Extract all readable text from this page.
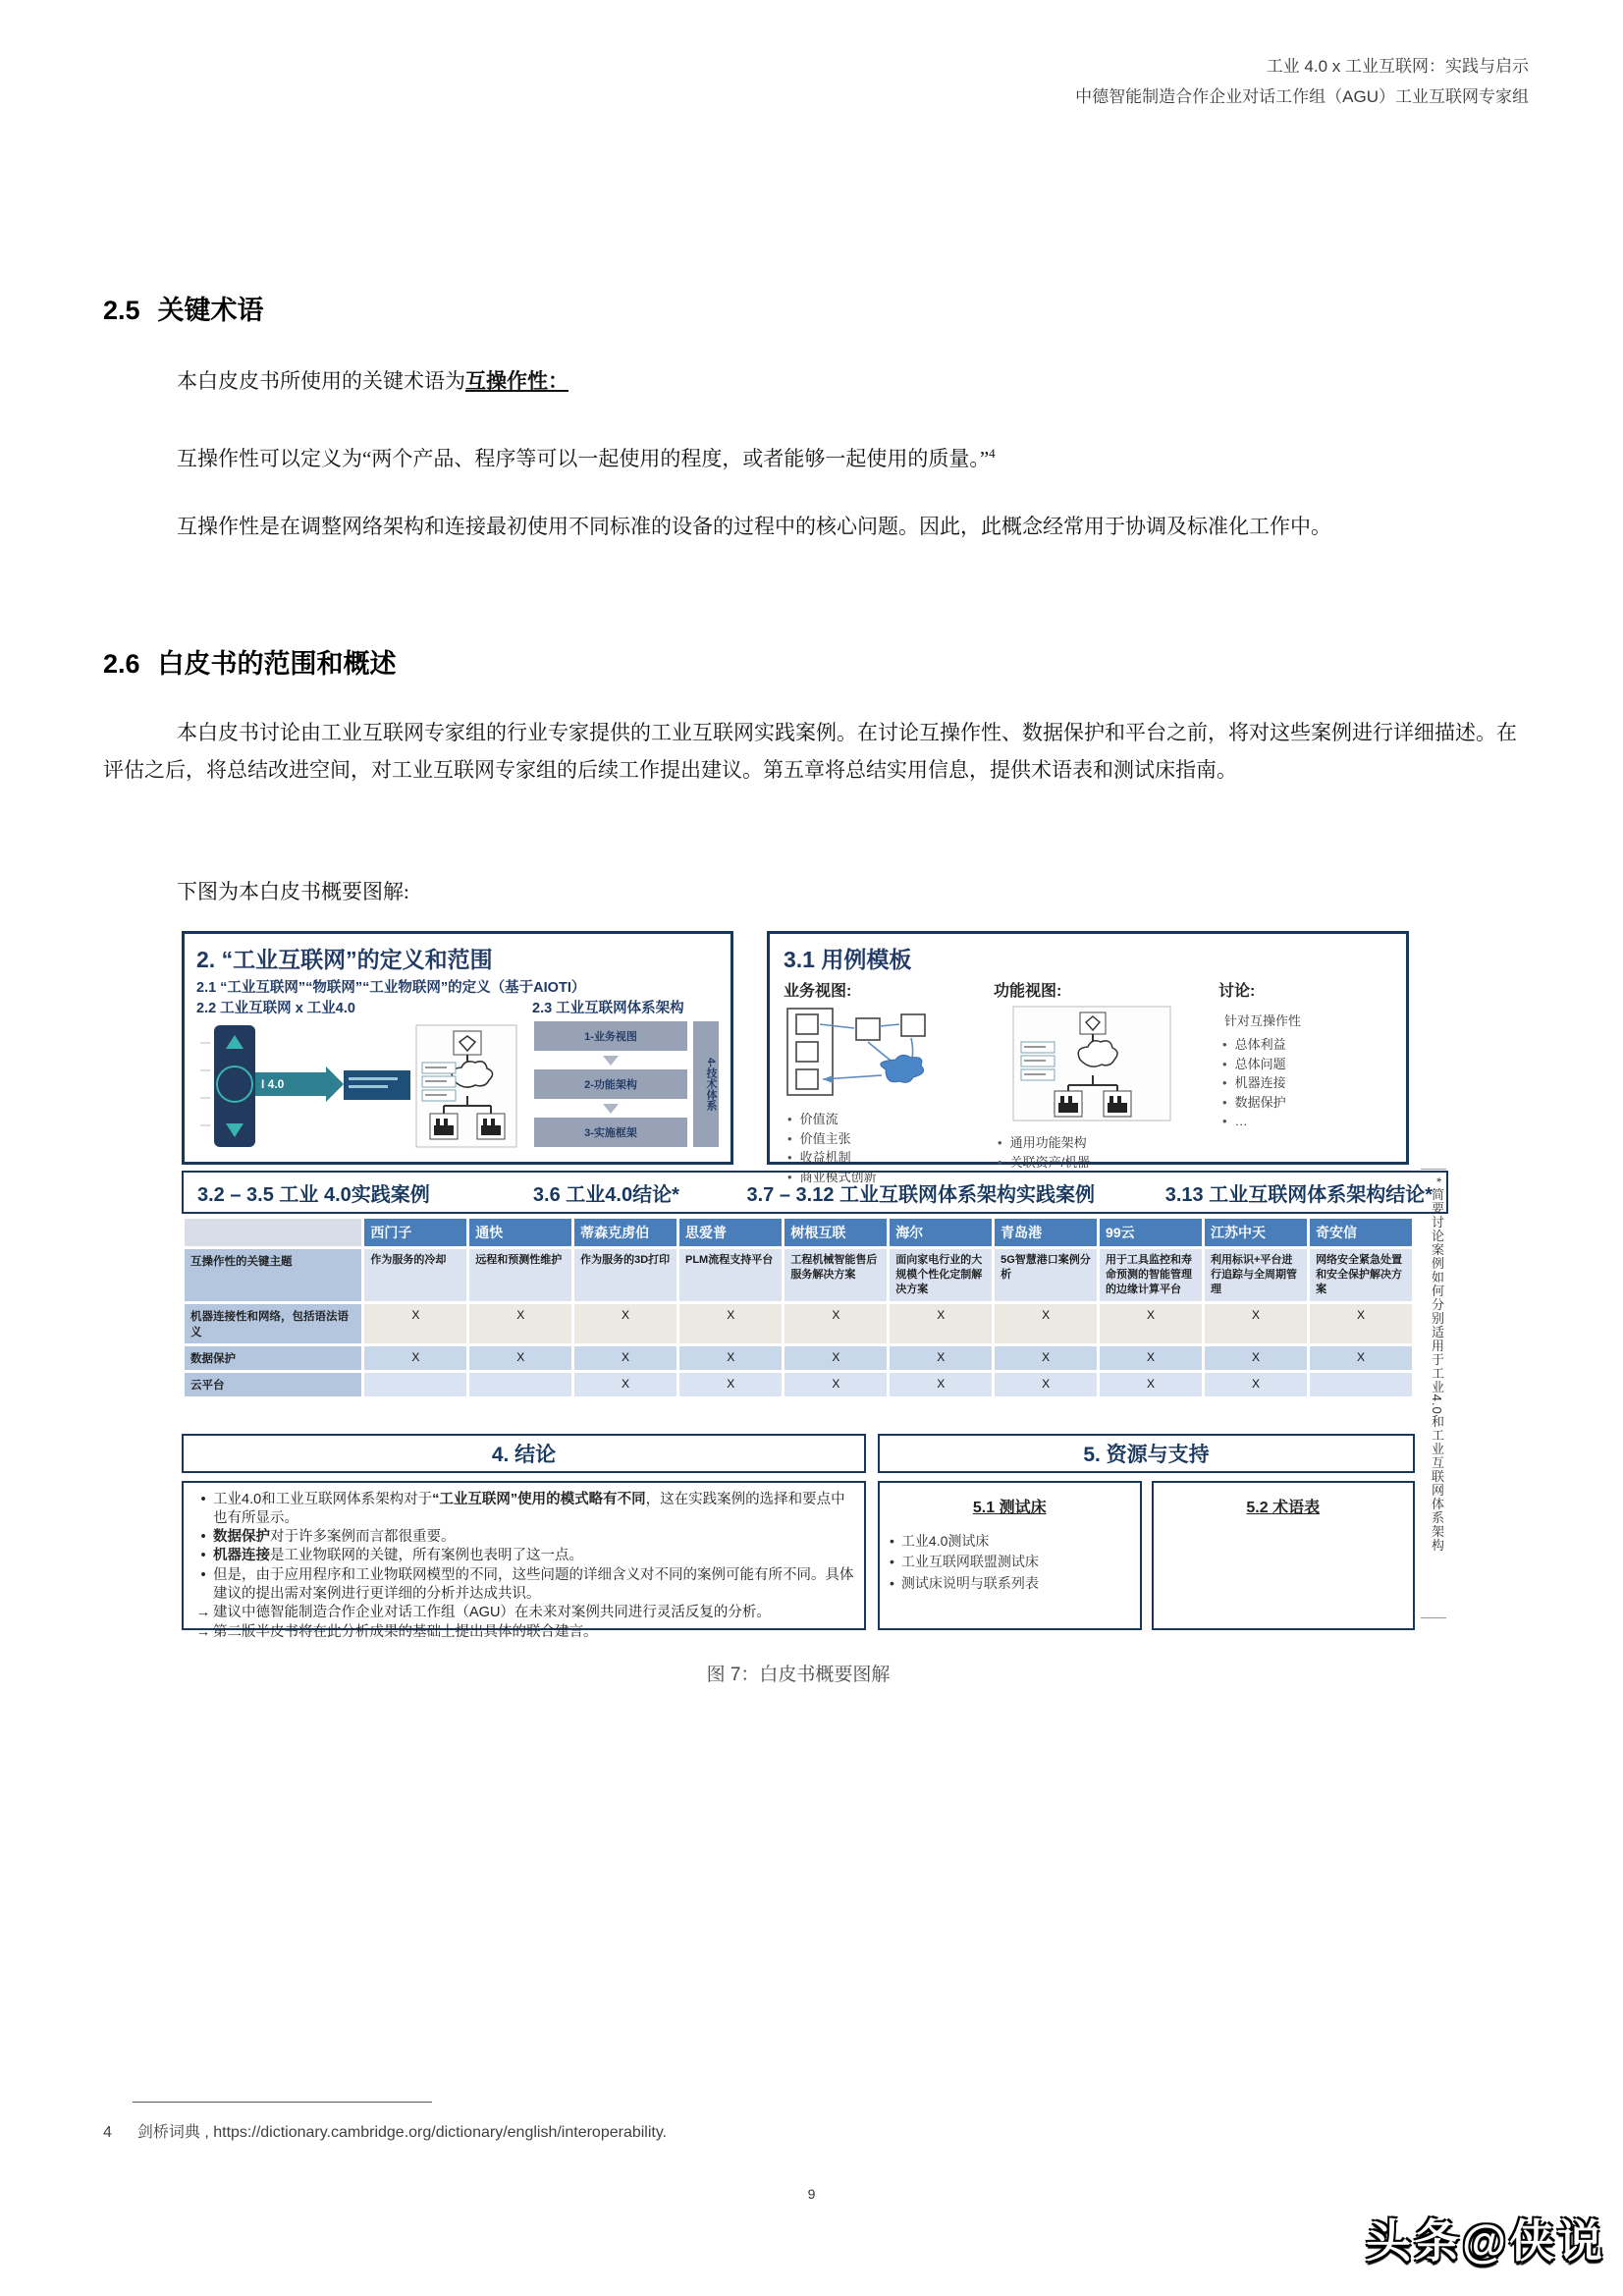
工业 4.0 x 工业互联网：实践与启示
中德智能制造合作企业对话工作组（AGU）工业互联网专家组
2.5 关键术语

本白皮皮书所使用的关键术语为互操作性：

互操作性可以定义为“两个产品、程序等可以一起使用的程度，或者能够一起使用的质量。”$^4$

互操作性是在调整网络架构和连接最初使用不同标准的设备的过程中的核心问题。因此，此概念经常用于协调及标准化工作中。

2.6 白皮书的范围和概述

本白皮书讨论由工业互联网专家组的行业专家提供的工业互联网实践案例。在讨论互操作性、数据保护和平台之前，将对这些案例进行详细描述。在评估之后，将总结改进空间，对工业互联网专家组的后续工作提出建议。第五章将总结实用信息，提供术语表和测试床指南。

下图为本白皮书概要图解:

2. “工业互联网”的定义和范围
2.1 “工业互联网”“物联网”“工业物联网”的定义（基于AIOTI）
2.2 工业互联网 x 工业4.0	2.3 工业互联网体系架构
I 4.0
1-业务视图
2-功能架构
3-实施框架
4-技术体系
3.1 用例模板
业务视图:
• 价值流
• 价值主张
• 收益机制
• 商业模式创新
功能视图:
• 通用功能架构
• 关联资产/机器
讨论:
针对互操作性
• 总体利益
• 总体问题
• 机器连接
• 数据保护
• …
3.2 – 3.5 工业 4.0实践案例	3.6 工业4.0结论*	3.7 – 3.12 工业互联网体系架构实践案例	3.13 工业互联网体系架构结论*
	西门子	通快	蒂森克虏伯	思爱普	树根互联	海尔	青岛港	99云	江苏中天	奇安信
互操作性的关键主题	作为服务的冷却	远程和预测性维护	作为服务的3D打印	PLM流程支持平台	工程机械智能售后服务解决方案	面向家电行业的大规模个性化定制解决方案	5G智慧港口案例分析	用于工具监控和寿命预测的智能管理的边缘计算平台	利用标识+平台进行追踪与全周期管理	网络安全紧急处置和安全保护解决方案
机器连接性和网络，包括语法语义	X	X	X	X	X	X	X	X	X	X
数据保护	X	X	X	X	X	X	X	X	X	X
云平台			X	X	X	X	X	X	X		* 简要讨论案例如何分别适用于工业4.0和工业互联网体系架构
4. 结论
• 工业4.0和工业互联网体系架构对于“工业互联网”使用的模式略有不同，这在实践案例的选择和要点中也有所显示。
• 数据保护对于许多案例而言都很重要。
• 机器连接是工业物联网的关键，所有案例也表明了这一点。
• 但是，由于应用程序和工业物联网模型的不同，这些问题的详细含义对不同的案例可能有所不同。具体建议的提出需对案例进行更详细的分析并达成共识。
→ 建议中德智能制造合作企业对话工作组（AGU）在未来对案例共同进行灵活反复的分析。
→ 第二版半皮书将在此分析成果的基础上提出具体的联合建言。
5. 资源与支持
5.1 测试床
• 工业4.0测试床
• 工业互联网联盟测试床
• 测试床说明与联系列表
5.2 术语表
图 7：白皮书概要图解
4 剑桥词典 , https://dictionary.cambridge.org/dictionary/english/interoperability.
9
头条@侠说
